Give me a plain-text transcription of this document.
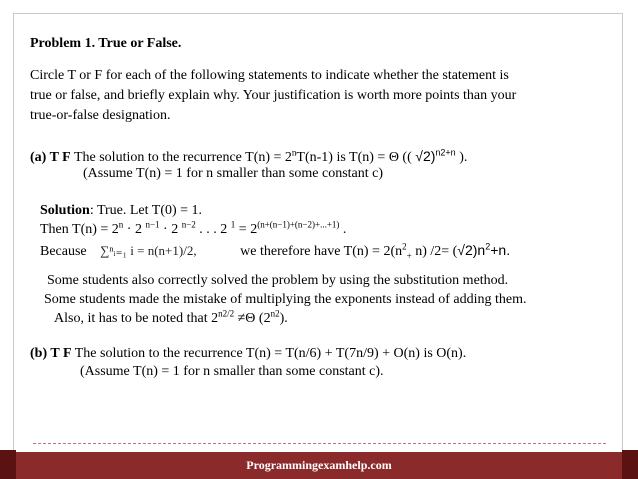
Problem 1. True or False.
Circle T or F for each of the following statements to indicate whether the statement is
true or false, and briefly explain why. Your justification is worth more points than your
true-or-false designation.
(a) T F The solution to the recurrence $T(n) = 2^nT(n-1)$ is T(n) = Θ (( √2)$^{n2+n}$ ).
(Assume T(n) = 1 for n smaller than some constant c)
Solution: True. Let T(0) = 1.
Then $T(n) = 2^n \cdot 2$ $^{n-1}$ · 2 $^{n-2}$ . . . 2 $^1 = 2^{(n+(n-1)+(n-2)+...+1)}$ .
Because ∑ⁿᵢ₌₁ i = n(n+1)/2,	we therefore have $T(n) = 2(n^2_+$ n) $/2= (√2)n^2+n$.
Some students also correctly solved the problem by using the substitution method.
Some students made the mistake of multiplying the exponents instead of adding them.
Also, it has to be noted that $2^{n2/2} \ne\Theta$ $(2^{n2})$.
(b) T F The solution to the recurrence T(n) = T(n/6) + T(7n/9) + O(n) is O(n).
(Assume T(n) = 1 for n smaller than some constant c).
Programmingexamhelp.com
